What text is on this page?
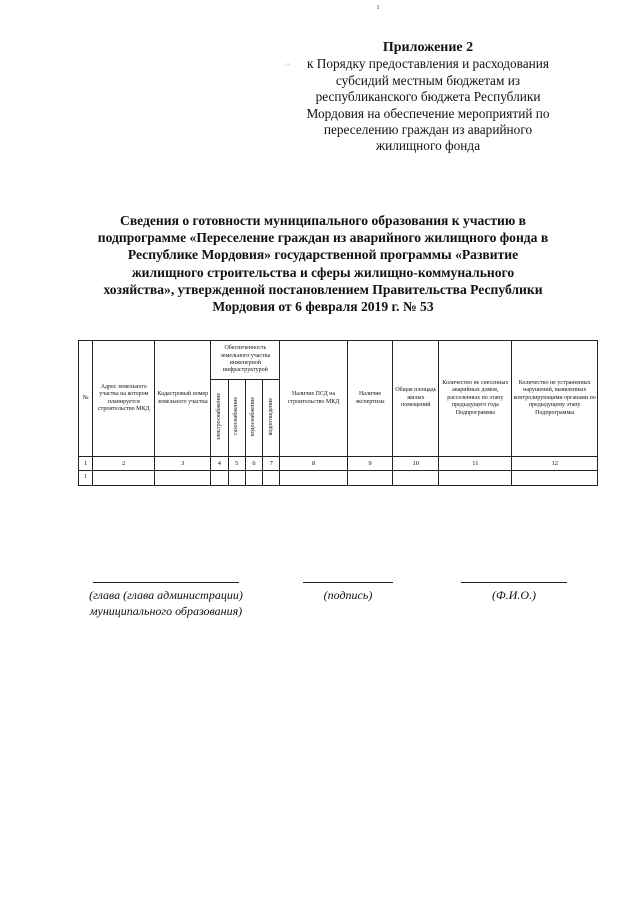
ı
˙˙
Приложение 2
к Порядку предоставления и расходования
субсидий местным бюджетам из
республиканского бюджета Республики
Мордовия на обеспечение мероприятий по
переселению граждан из аварийного
жилищного фонда
Сведения о готовности муниципального образования к участию в
подпрограмме «Переселение граждан из аварийного жилищного фонда в
Республике Мордовия» государственной программы «Развитие
жилищного строительства и сферы жилищно-коммунального
хозяйства», утвержденной постановлением Правительства Республики
Мордовия от 6 февраля 2019 г. № 53
№	Адрес земельного участка на котором планируется строительство МКД	Кадастровый номер земельного участка	Обеспеченность земельного участка инженерной инфраструктурой				Наличие ПСД на строительство МКД	Наличие экспертизы	Общая площадь жилых помещений	Количество не снесенных аварийных домов, расселенных по этапу предыдущего года Подпрограммы	Количество не устраненных нарушений, выявленных контролирующими органами по предыдущему этапу Подпрограммы
			электроснабжение	газоснабжение	водоснабжение	водоотведение					
1	2	3	4	5	6	7	8	9	10	11	12
1											
(глава (глава администрации)
муниципального образования)
(подпись)	(Ф.И.О.)
